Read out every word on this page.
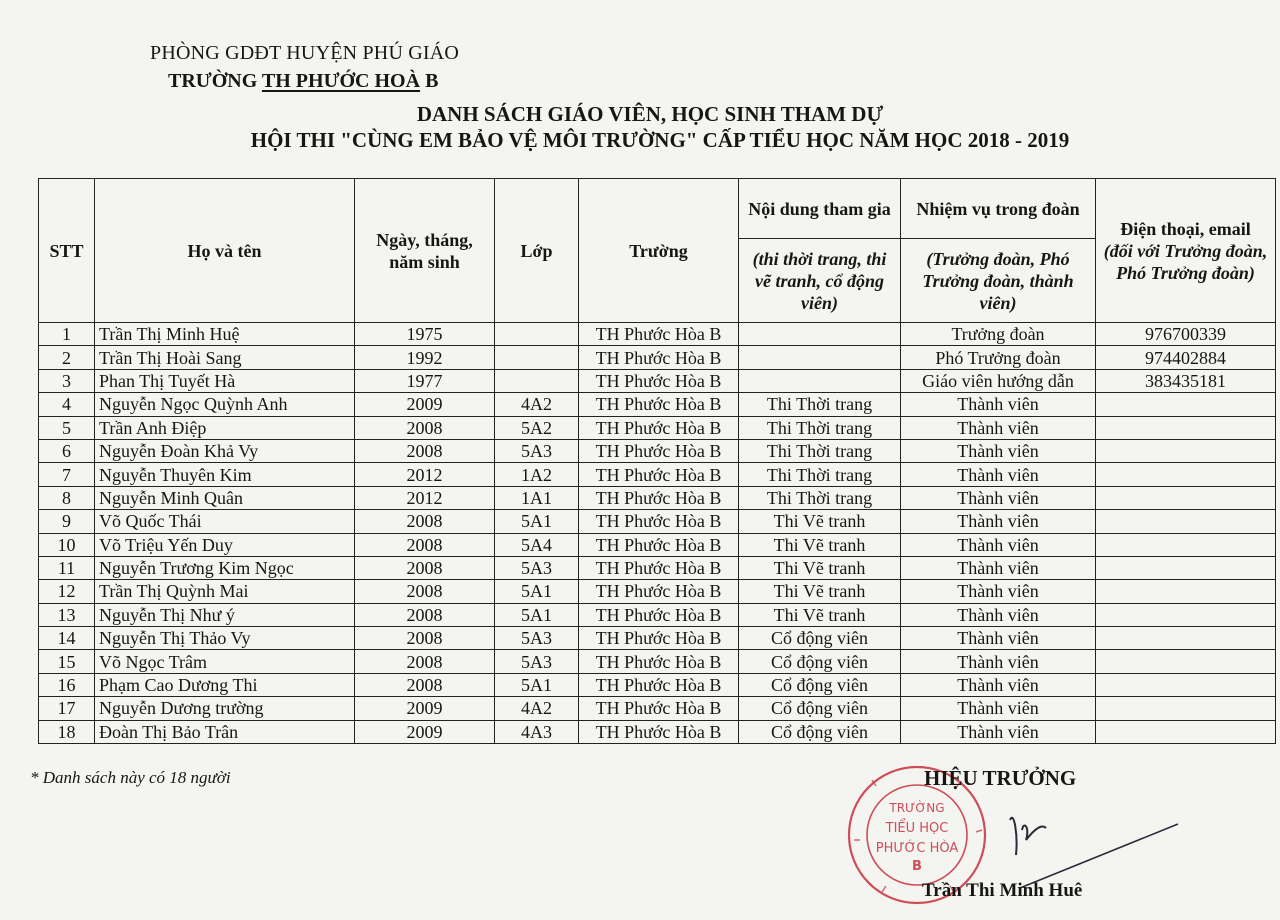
PHÒNG GDĐT HUYỆN PHÚ GIÁO
TRƯỜNG TH PHƯỚC HOÀ B
DANH SÁCH GIÁO VIÊN, HỌC SINH THAM DỰ
HỘI THI "CÙNG EM BẢO VỆ MÔI TRƯỜNG" CẤP TIỂU HỌC NĂM HỌC 2018 - 2019
STT	Họ và tên	Ngày, tháng, năm sinh	Lớp	Trường	Nội dung tham gia	Nhiệm vụ trong đoàn	Điện thoại, email
(đối với Trưởng đoàn, Phó Trưởng đoàn)

					(thi thời trang, thi vẽ tranh, cổ động viên)	(Trưởng đoàn, Phó Trưởng đoàn, thành viên)	
1	Trần Thị Minh Huệ	1975		TH Phước Hòa B		Trưởng đoàn	976700339
2	Trần Thị Hoài Sang	1992		TH Phước Hòa B		Phó Trưởng đoàn	974402884
3	Phan Thị Tuyết Hà	1977		TH Phước Hòa B		Giáo viên hướng dẫn	383435181
4	Nguyễn Ngọc Quỳnh Anh	2009	4A2	TH Phước Hòa B	Thi Thời trang	Thành viên	
5	Trần Anh Điệp	2008	5A2	TH Phước Hòa B	Thi Thời trang	Thành viên	
6	Nguyễn Đoàn Khả Vy	2008	5A3	TH Phước Hòa B	Thi Thời trang	Thành viên	
7	Nguyễn Thuyên Kim	2012	1A2	TH Phước Hòa B	Thi Thời trang	Thành viên	
8	Nguyễn Minh Quân	2012	1A1	TH Phước Hòa B	Thi Thời trang	Thành viên	
9	Võ Quốc Thái	2008	5A1	TH Phước Hòa B	Thi Vẽ tranh	Thành viên	
10	Võ Triệu Yến Duy	2008	5A4	TH Phước Hòa B	Thi Vẽ tranh	Thành viên	
11	Nguyễn Trương Kim Ngọc	2008	5A3	TH Phước Hòa B	Thi Vẽ tranh	Thành viên	
12	Trần Thị Quỳnh Mai	2008	5A1	TH Phước Hòa B	Thi Vẽ tranh	Thành viên	
13	Nguyễn Thị Như ý	2008	5A1	TH Phước Hòa B	Thi Vẽ tranh	Thành viên	
14	Nguyễn Thị Thảo Vy	2008	5A3	TH Phước Hòa B	Cổ động viên	Thành viên	
15	Võ Ngọc Trâm	2008	5A3	TH Phước Hòa B	Cổ động viên	Thành viên	
16	Phạm Cao Dương Thi	2008	5A1	TH Phước Hòa B	Cổ động viên	Thành viên	
17	Nguyễn Dương trường	2009	4A2	TH Phước Hòa B	Cổ động viên	Thành viên	
18	Đoàn Thị Bảo Trân	2009	4A3	TH Phước Hòa B	Cổ động viên	Thành viên	
* Danh sách này có 18 người
TRƯỜNG
TIỂU HỌC
PHƯỚC HÒA
B
HIỆU TRƯỞNG
Trần Thi Minh Huê
